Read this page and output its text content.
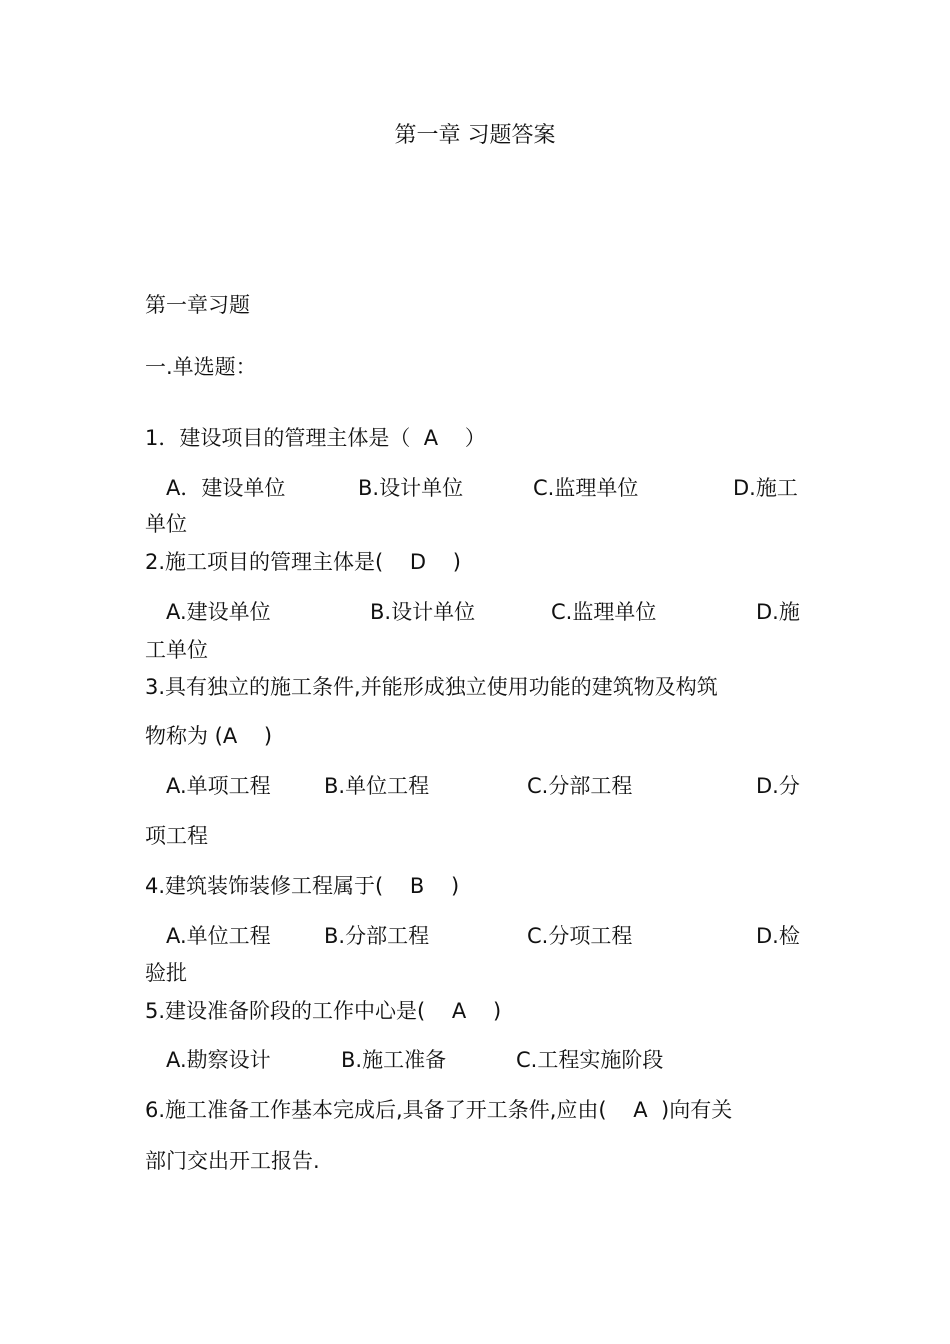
第一章 习题答案
第一章习题
一.单选题：
1．建设项目的管理主体是（  A    ）
A．建设单位	B.设计单位	C.监理单位	D.施工
单位
2.施工项目的管理主体是(    D    )
A.建设单位	B.设计单位	C.监理单位	D.施
工单位
3.具有独立的施工条件,并能形成独立使用功能的建筑物及构筑
物称为 (A    )
A.单项工程	B.单位工程	C.分部工程	D.分
项工程
4.建筑装饰装修工程属于(    B    )
A.单位工程	B.分部工程	C.分项工程	D.检
验批
5.建设准备阶段的工作中心是(    A    )
A.勘察设计	B.施工准备	C.工程实施阶段
6.施工准备工作基本完成后,具备了开工条件,应由(    A  )向有关
部门交出开工报告.
